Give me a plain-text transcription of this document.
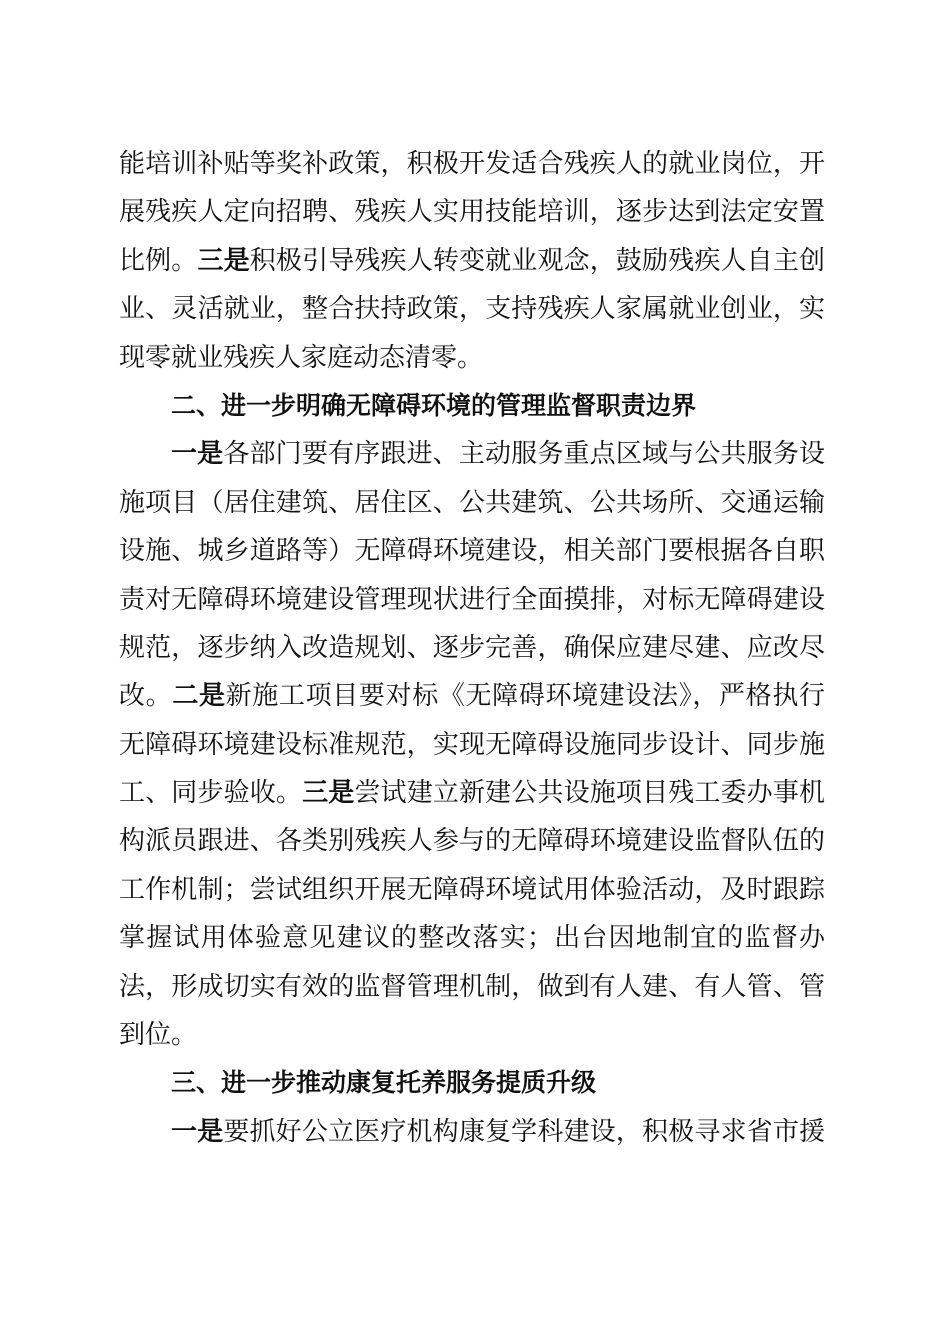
能培训补贴等奖补政策，积极开发适合残疾人的就业岗位，开
展残疾人定向招聘、残疾人实用技能培训，逐步达到法定安置
比例。三是积极引导残疾人转变就业观念，鼓励残疾人自主创
业、灵活就业，整合扶持政策，支持残疾人家属就业创业，实
现零就业残疾人家庭动态清零。
二、进一步明确无障碍环境的管理监督职责边界
一是各部门要有序跟进、主动服务重点区域与公共服务设
施项目（居住建筑、居住区、公共建筑、公共场所、交通运输
设施、城乡道路等）无障碍环境建设，相关部门要根据各自职
责对无障碍环境建设管理现状进行全面摸排，对标无障碍建设
规范，逐步纳入改造规划、逐步完善，确保应建尽建、应改尽
改。二是新施工项目要对标《无障碍环境建设法》，严格执行
无障碍环境建设标准规范，实现无障碍设施同步设计、同步施
工、同步验收。三是尝试建立新建公共设施项目残工委办事机
构派员跟进、各类别残疾人参与的无障碍环境建设监督队伍的
工作机制；尝试组织开展无障碍环境试用体验活动，及时跟踪
掌握试用体验意见建议的整改落实；出台因地制宜的监督办
法，形成切实有效的监督管理机制，做到有人建、有人管、管
到位。
三、进一步推动康复托养服务提质升级
一是要抓好公立医疗机构康复学科建设，积极寻求省市援
